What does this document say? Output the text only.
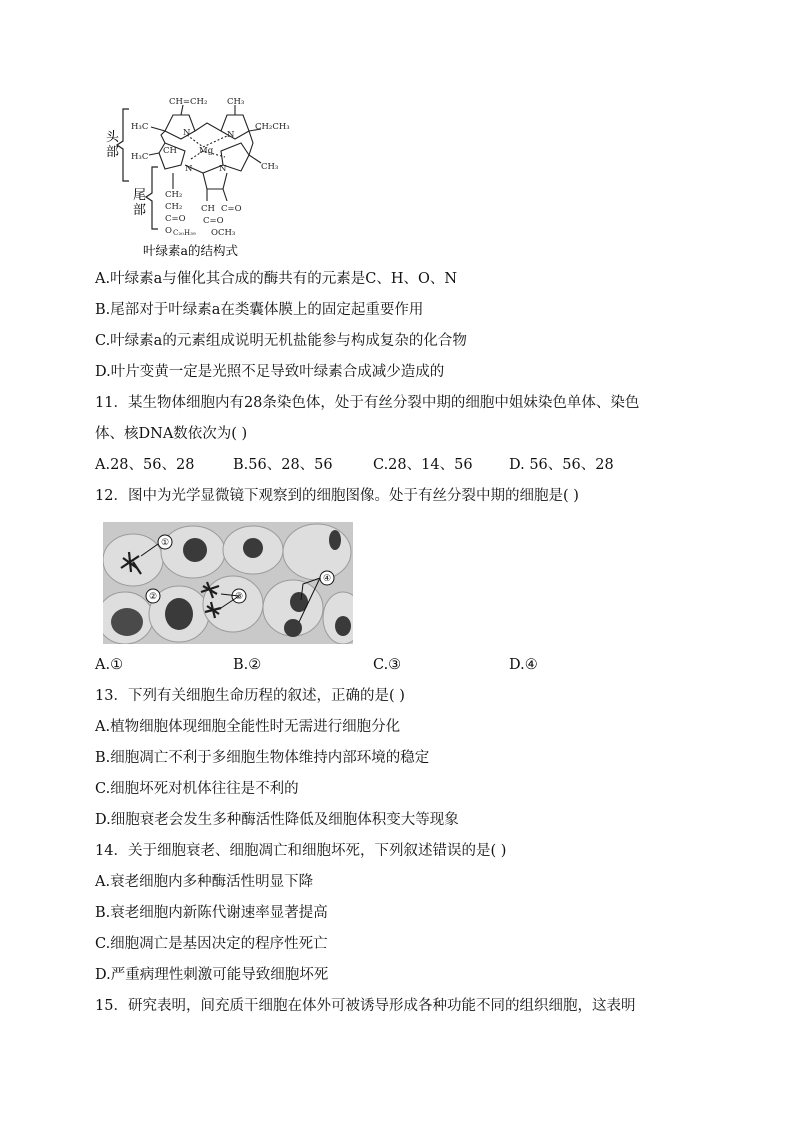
头部
尾部
CH=CH₂ CH₃
H₃C	CH₂CH₃
N	N
Mg
CH
N	N	CH₃
H₃C
CH₂
CH₂
C=O
O C₂₀H₃₉
CH C=O
C=O
OCH₃
叶绿素a的结构式
A.叶绿素a与催化其合成的酶共有的元素是C、H、O、N
B.尾部对于叶绿素a在类囊体膜上的固定起重要作用
C.叶绿素a的元素组成说明无机盐能参与构成复杂的化合物
D.叶片变黄一定是光照不足导致叶绿素合成减少造成的
11．某生物体细胞内有28条染色体，处于有丝分裂中期的细胞中姐妹染色单体、染色
体、核DNA数依次为( )
A.28、56、28	B.56、28、56	C.28、14、56	D. 56、56、28
12．图中为光学显微镜下观察到的细胞图像。处于有丝分裂中期的细胞是( )
①
②	③
④
A.①	B.②	C.③	D.④
13．下列有关细胞生命历程的叙述，正确的是( )
A.植物细胞体现细胞全能性时无需进行细胞分化
B.细胞凋亡不利于多细胞生物体维持内部环境的稳定
C.细胞坏死对机体往往是不利的
D.细胞衰老会发生多种酶活性降低及细胞体积变大等现象
14．关于细胞衰老、细胞凋亡和细胞坏死，下列叙述错误的是( )
A.衰老细胞内多种酶活性明显下降
B.衰老细胞内新陈代谢速率显著提高
C.细胞凋亡是基因决定的程序性死亡
D.严重病理性刺激可能导致细胞坏死
15．研究表明，间充质干细胞在体外可被诱导形成各种功能不同的组织细胞，这表明
